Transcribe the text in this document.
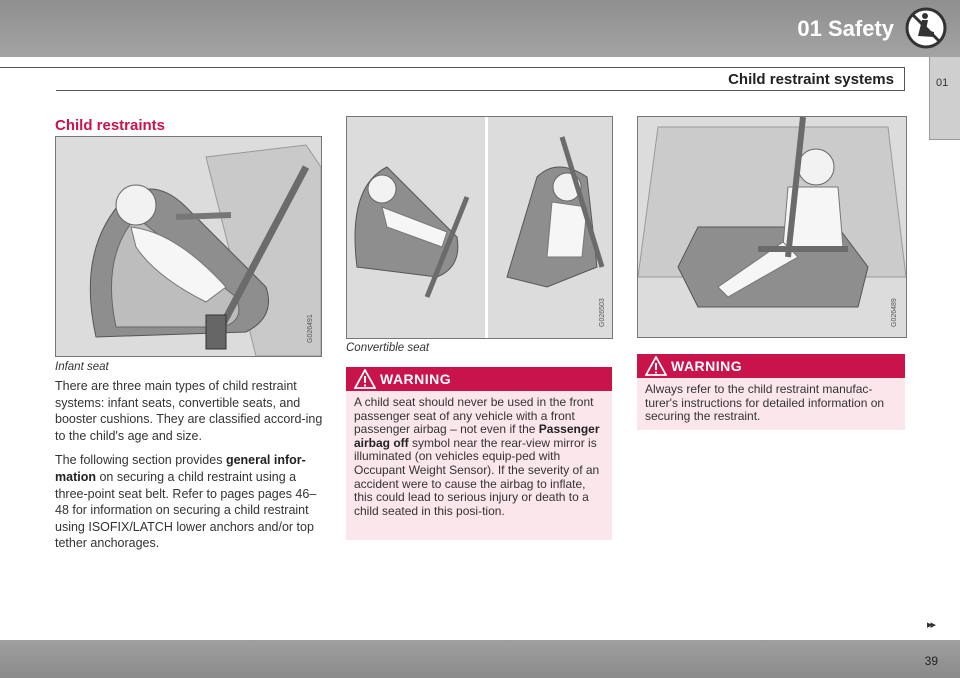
01 Safety
Child restraint systems	01
Child restraints
G026491
Infant seat

There are three main types of child restraint systems: infant seats, convertible seats, and booster cushions. They are classified accord-ing to the child's age and size.

The following section provides general infor-mation on securing a child restraint using a three-point seat belt. Refer to pages pages 46–48 for information on securing a child restraint using ISOFIX/LATCH lower anchors and/or top tether anchorages.

G026503
Convertible seat
WARNING
A child seat should never be used in the front passenger seat of any vehicle with a front passenger airbag – not even if the Passenger airbag off symbol near the rear-view mirror is illuminated (on vehicles equip-ped with Occupant Weight Sensor). If the severity of an accident were to cause the airbag to inflate, this could lead to serious injury or death to a child seated in this posi-tion.
G026489
WARNING
Always refer to the child restraint manufac-turer's instructions for detailed information on securing the restraint.
▸▸
39
